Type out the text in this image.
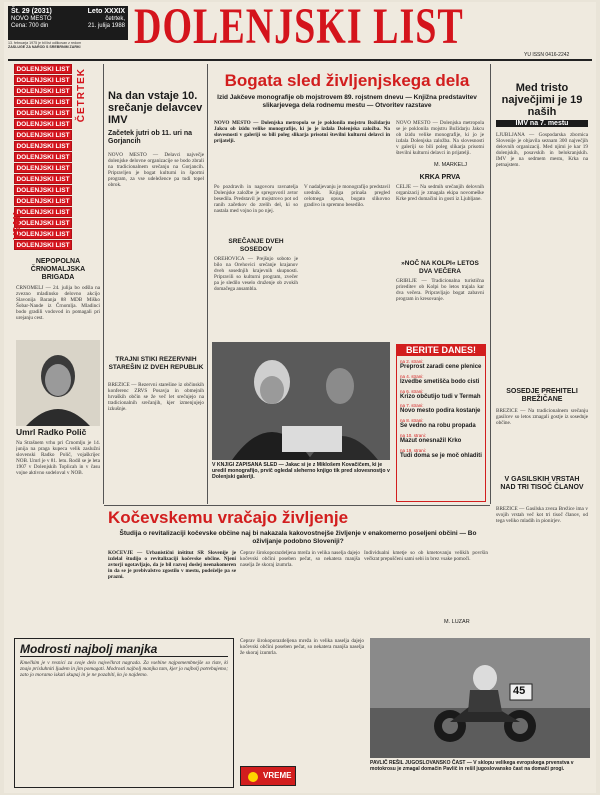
Št. 29 (2031)	Leto XXXIX
NOVO MESTO	četrtek,
Cena: 700 din	21. julija 1988
13. februarja 1975 je bil list odlikovan z redom
ZASLUGE ZA NAROD S SREBRNIM ZARKI	DOLENJSKI LIST	YU ISSN 0416-2242
DOLENJSKI LIST
DOLENJSKI LIST
DOLENJSKI LIST
DOLENJSKI LIST
DOLENJSKI LIST
DOLENJSKI LIST
DOLENJSKI LIST
DOLENJSKI LIST
DOLENJSKI LIST
DOLENJSKI LIST
DOLENJSKI LIST
DOLENJSKI LIST
DOLENJSKI LIST
DOLENJSKI LIST
DOLENJSKI LIST
DOLENJSKI LIST
DOLENJSKI LIST
ČETRTEK
VSAK
NEPOPOLNA ČRNOMALJSKA BRIGADA
ČRNOMELJ — 24. julija bo odšla na zvezno mladinsko delovno akcijo Slavonija Baranja 88 MDB Miško Šobar-Nande iz Črnomlja. Mladinci bodo gradili vodovod in pomagali pri urejanju cest.
Umrl Radko Polič
Na Strašnem vrhu pri Črnomlju je 14. junija na praga kupeca velik zaslužni slovenski Radko Polič, vojaškrijec NOB. Umrl je v 81. letu. Rodil se je leta 1907 v Dolenjskih Toplicah in v času vojne aktivno sodeloval v NOB.
Na dan vstaje 10. srečanje delavcev IMV
Začetek jutri ob 11. uri na Gorjancih
NOVO MESTO — Delavci največje dolenjske delovne organizacije se bodo zbrali na tradicionalnem srečanju na Gorjancih. Pripravljen je bogat kulturni in športni program, za vse udeležence pa tudi topel obrok.
TRAJNI STIKI REZERVNIH STAREŠIN IZ DVEH REPUBLIK
BREŽICE — Rezervni starešine iz občinskih konferenc ZRVS Posavja in obmejnih hrvaških občin se že več let srečujejo na tradicionalnih srečanjih, kjer izmenjujejo izkušnje.
Bogata sled življenjskega dela
Izid Jakčeve monografije ob mojstrovem 89. rojstnem dnevu — Knjižna predstavitev slikarjevega dela rodnemu mestu — Otvoritev razstave
NOVO MESTO — Dolenjska metropola se je poklonila mojstru Božidarju Jakcu ob izidu velike monografije, ki jo je izdala Dolenjska založba. Na slovesnosti v galeriji so bili poleg slikarja prisotni številni kulturni delavci in prijatelji.
Po pozdravih in nagovoru ravnatelja Dolenjske založbe je spregovoril avtor besedila. Predstavil je mojstrovo pot od ranih začetkov do zrelih del, ki so nastala med vojno in po njej.
SREČANJE DVEH SOSEDOV
OREHOVICA — Prejšnjo soboto je bilo na Orehovici srečanje krajanov dveh sosednjih krajevnih skupnosti. Pripravili so kulturni program, zvečer pa je sledilo veselo druženje ob zvokih domačega ansambla.
V nadaljevanju je monografijo predstavil urednik. Knjiga prinaša pregled celotnega opusa, bogato slikovno gradivo in spremno besedilo.
NOVO MESTO — Dolenjska metropola se je poklonila mojstru Božidarju Jakcu ob izidu velike monografije, ki jo je izdala Dolenjska založba. Na slovesnosti v galeriji so bili poleg slikarja prisotni številni kulturni delavci in prijatelji.
M. MARKELJ
KRKA PRVA
CELJE — Na sedmih srečanjih delovnih organizacij je zmagala ekipa novomeške Krke pred domačini in gosti iz Ljubljane.
»NOČ NA KOLPI« LETOS DVA VEČERA
GRIBLJE — Tradicionalna turistična prireditev ob Kolpi bo letos trajala kar dva večera. Pripravljajo bogat zabavni program in kresovanje.
V KNJIGI ZAPISANA SLED — Jakac si je z Miklošem Kovačičem, ki je uredil monografijo, prvič ogledal sleherno knjigo tik pred slovesnostjo v Dolenjski galeriji.
BERITE DANES!
na 2. strani:
Preprost zaradi cene plenice
na 4. strani:
Izvedbe smetišča bodo cisti
na 6. strani:
Krizo občutijo tudi v Termah
na 7. strani:
Novo mesto podira kostanje
na 8. strani:
Se vedno na robu propada
na 10. strani:
Mazut onesnažil Krko
na 19. strani:
Tudi doma se je moč ohladiti
Med tristo največjimi je 19 naših
IMV na 7. mestu
LJUBLJANA — Gospodarska zbornica Slovenije je objavila seznam 300 največjih delovnih organizacij. Med njimi je kar 19 dolenjskih, posavskih in belokranjskih. IMV je na sedmem mestu, Krka na petnajstem.
SOSEDJE PREHITELI BREŽIČANE
BREŽICE — Na tradicionalnem srečanju gasilcev so letos zmagali gostje iz sosednje občine.
V GASILSKIH VRSTAH NAD TRI TISOČ ČLANOV
BREŽICE — Gasilska zveza Brežice ima v svojih vrstah več kot tri tisoč članov, od tega veliko mladih in pionirjev.
Kočevskemu vračajo življenje
Študija o revitalizaciji kočevske občine naj bi nakazala kakovostnejše življenje v enakomerno poseljeni občini — Bo oživljanje podobno Sloveniji?
KOČEVJE — Urbanistični inštitut SR Slovenije je izdelal študijo o revitalizaciji kočevske občine. Njeni avtorji ugotavljajo, da je bil razvoj doslej neenakomeren in da se je prebivalstvo zgostilo v mestu, podeželje pa se prazni.
Čeprav širokoporazdeljena mreža in velika naselja dajejo kočevski občini poseben pečat, so nekatera manjša naselja že skoraj izumrla.
Individualni kmetje so ob kmetovanju velikih površin večkrat prepuščeni sami sebi in brez vsake pomoči.
M. LUZAR
Modrosti najbolj manjka
Kmečkim je v resnici za svoje delo največkrat nagrada. Za vsebine najpomembnejše so tiste, ki znajo prisluhniti ljudem in jim pomagati. Modrosti najbolj manjka tam, kjer jo najbolj potrebujemo; zato jo moramo iskati skupaj in je ne pozabiti, ko jo najdemo.
VREME
Čeprav širokoporazdeljena mreža in velika naselja dajejo kočevski občini poseben pečat, so nekatera manjša naselja že skoraj izumrla.
45
PAVLIČ REŠIL JUGOSLOVANSKO ČAST — V sklopu velikega evropskega prvenstva v motokrosu je zmagal domačin Pavlič in rešil jugoslovansko čast na domači progi.
